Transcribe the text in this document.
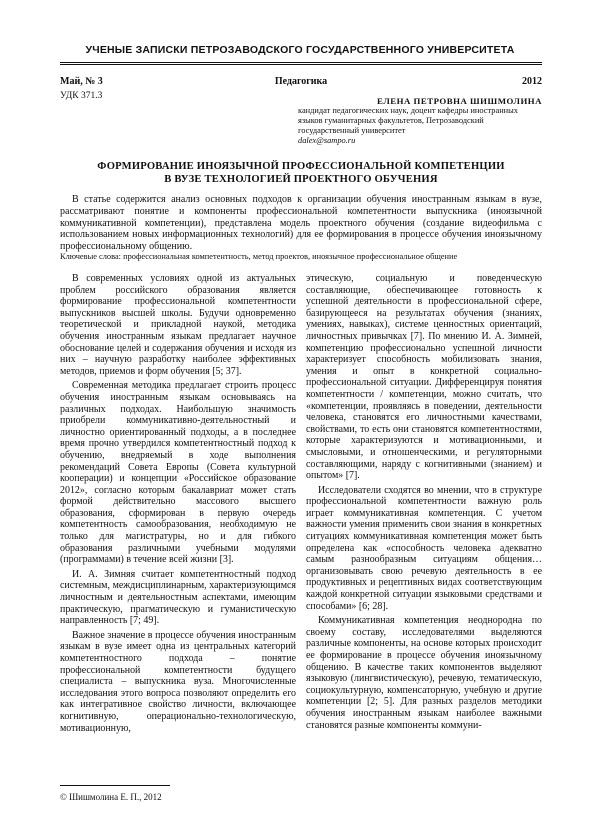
УЧЕНЫЕ ЗАПИСКИ ПЕТРОЗАВОДСКОГО ГОСУДАРСТВЕННОГО УНИВЕРСИТЕТА
Май, № 3	Педагогика	2012
УДК 371.3	ЕЛЕНА ПЕТРОВНА ШИШМОЛИНА
кандидат педагогических наук, доцент кафедры иностранных языков гуманитарных факультетов, Петрозаводский государственный университет
dalex@sampo.ru
ФОРМИРОВАНИЕ ИНОЯЗЫЧНОЙ ПРОФЕССИОНАЛЬНОЙ КОМПЕТЕНЦИИ
В ВУЗЕ ТЕХНОЛОГИЕЙ ПРОЕКТНОГО ОБУЧЕНИЯ
В статье содержится анализ основных подходов к организации обучения иностранным языкам в вузе, рассматривают понятие и компоненты профессиональной компетентности выпускника (иноязычной коммуникативной компетенции), представлена модель проектного обучения (создание видеофильма с использованием новых информационных технологий) для ее формирования в процессе обучения иноязычному профессиональному общению.
Ключевые слова: профессиональная компетентность, метод проектов, иноязычное профессиональное общение

В современных условиях одной из актуальных проблем российского образования является формирование профессиональной компетентности выпускников высшей школы. Будучи одновременно теоретической и прикладной наукой, методика обучения иностранным языкам предлагает научное обоснование целей и содержания обучения и исходя из них – научную разработку наиболее эффективных методов, приемов и форм обучения [5; 37].

Современная методика предлагает строить процесс обучения иностранным языкам основываясь на различных подходах. Наибольшую значимость приобрели коммуникативно-деятельностный и личностно ориентированный подходы, а в последнее время прочно утвердился компетентностный подход к обучению, внедряемый в ходе выполнения рекомендаций Совета Европы (Совета культурной кооперации) и концепции «Российское образование 2012», согласно которым бакалавриат может стать формой действительно массового высшего образования, сформирован в первую очередь компетентность самообразования, необходимую не только для магистратуры, но и для гибкого образования различными учебными модулями (программами) в течение всей жизни [3].

И. А. Зимняя считает компетентностный подход системным, междисциплинарным, характеризующимся личностным и деятельностным аспектами, имеющим практическую, прагматическую и гуманистическую направленность [7; 49].

Важное значение в процессе обучения иностранным языкам в вузе имеет одна из центральных категорий компетентностного подхода – понятие профессиональной компетентности будущего специалиста – выпускника вуза. Многочисленные исследования этого вопроса позволяют определить его как интегративное свойство личности, включающее когнитивную, операционально-технологическую, мотивационную,

этическую, социальную и поведенческую составляющие, обеспечивающее готовность к успешной деятельности в профессиональной сфере, базирующееся на результатах обучения (знаниях, умениях, навыках), системе ценностных ориентаций, личностных привычках [7]. По мнению И. А. Зимней, компетенцию профессионально успешной личности характеризует способность мобилизовать знания, умения и опыт в конкретной социально-профессиональной ситуации. Дифференцируя понятия компетентности / компетенции, можно считать, что «компетенции, проявляясь в поведении, деятельности человека, становятся его личностными качествами, свойствами, то есть они становятся компетентностями, которые характеризуются и мотивационными, и смысловыми, и отношенческими, и регуляторными составляющими, наряду с когнитивными (знанием) и опытом» [7].

Исследователи сходятся во мнении, что в структуре профессиональной компетентности важную роль играет коммуникативная компетенция. С учетом важности умения применить свои знания в конкретных ситуациях коммуникативная компетенция может быть определена как «способность человека адекватно самым разнообразным ситуациям общения… организовывать свою речевую деятельность в ее продуктивных и рецептивных видах соответствующим каждой конкретной ситуации языковыми средствами и способами» [6; 28].

Коммуникативная компетенция неоднородна по своему составу, исследователями выделяются различные компоненты, на основе которых происходит ее формирование в процессе обучения иноязычному общению. В качестве таких компонентов выделяют языковую (лингвистическую), речевую, тематическую, социокультурную, компенсаторную, учебную и другие компетенции [2; 5]. Для разных разделов методики обучения иностранным языкам наиболее важными становятся разные компоненты коммуни-

© Шишмолина Е. П., 2012
